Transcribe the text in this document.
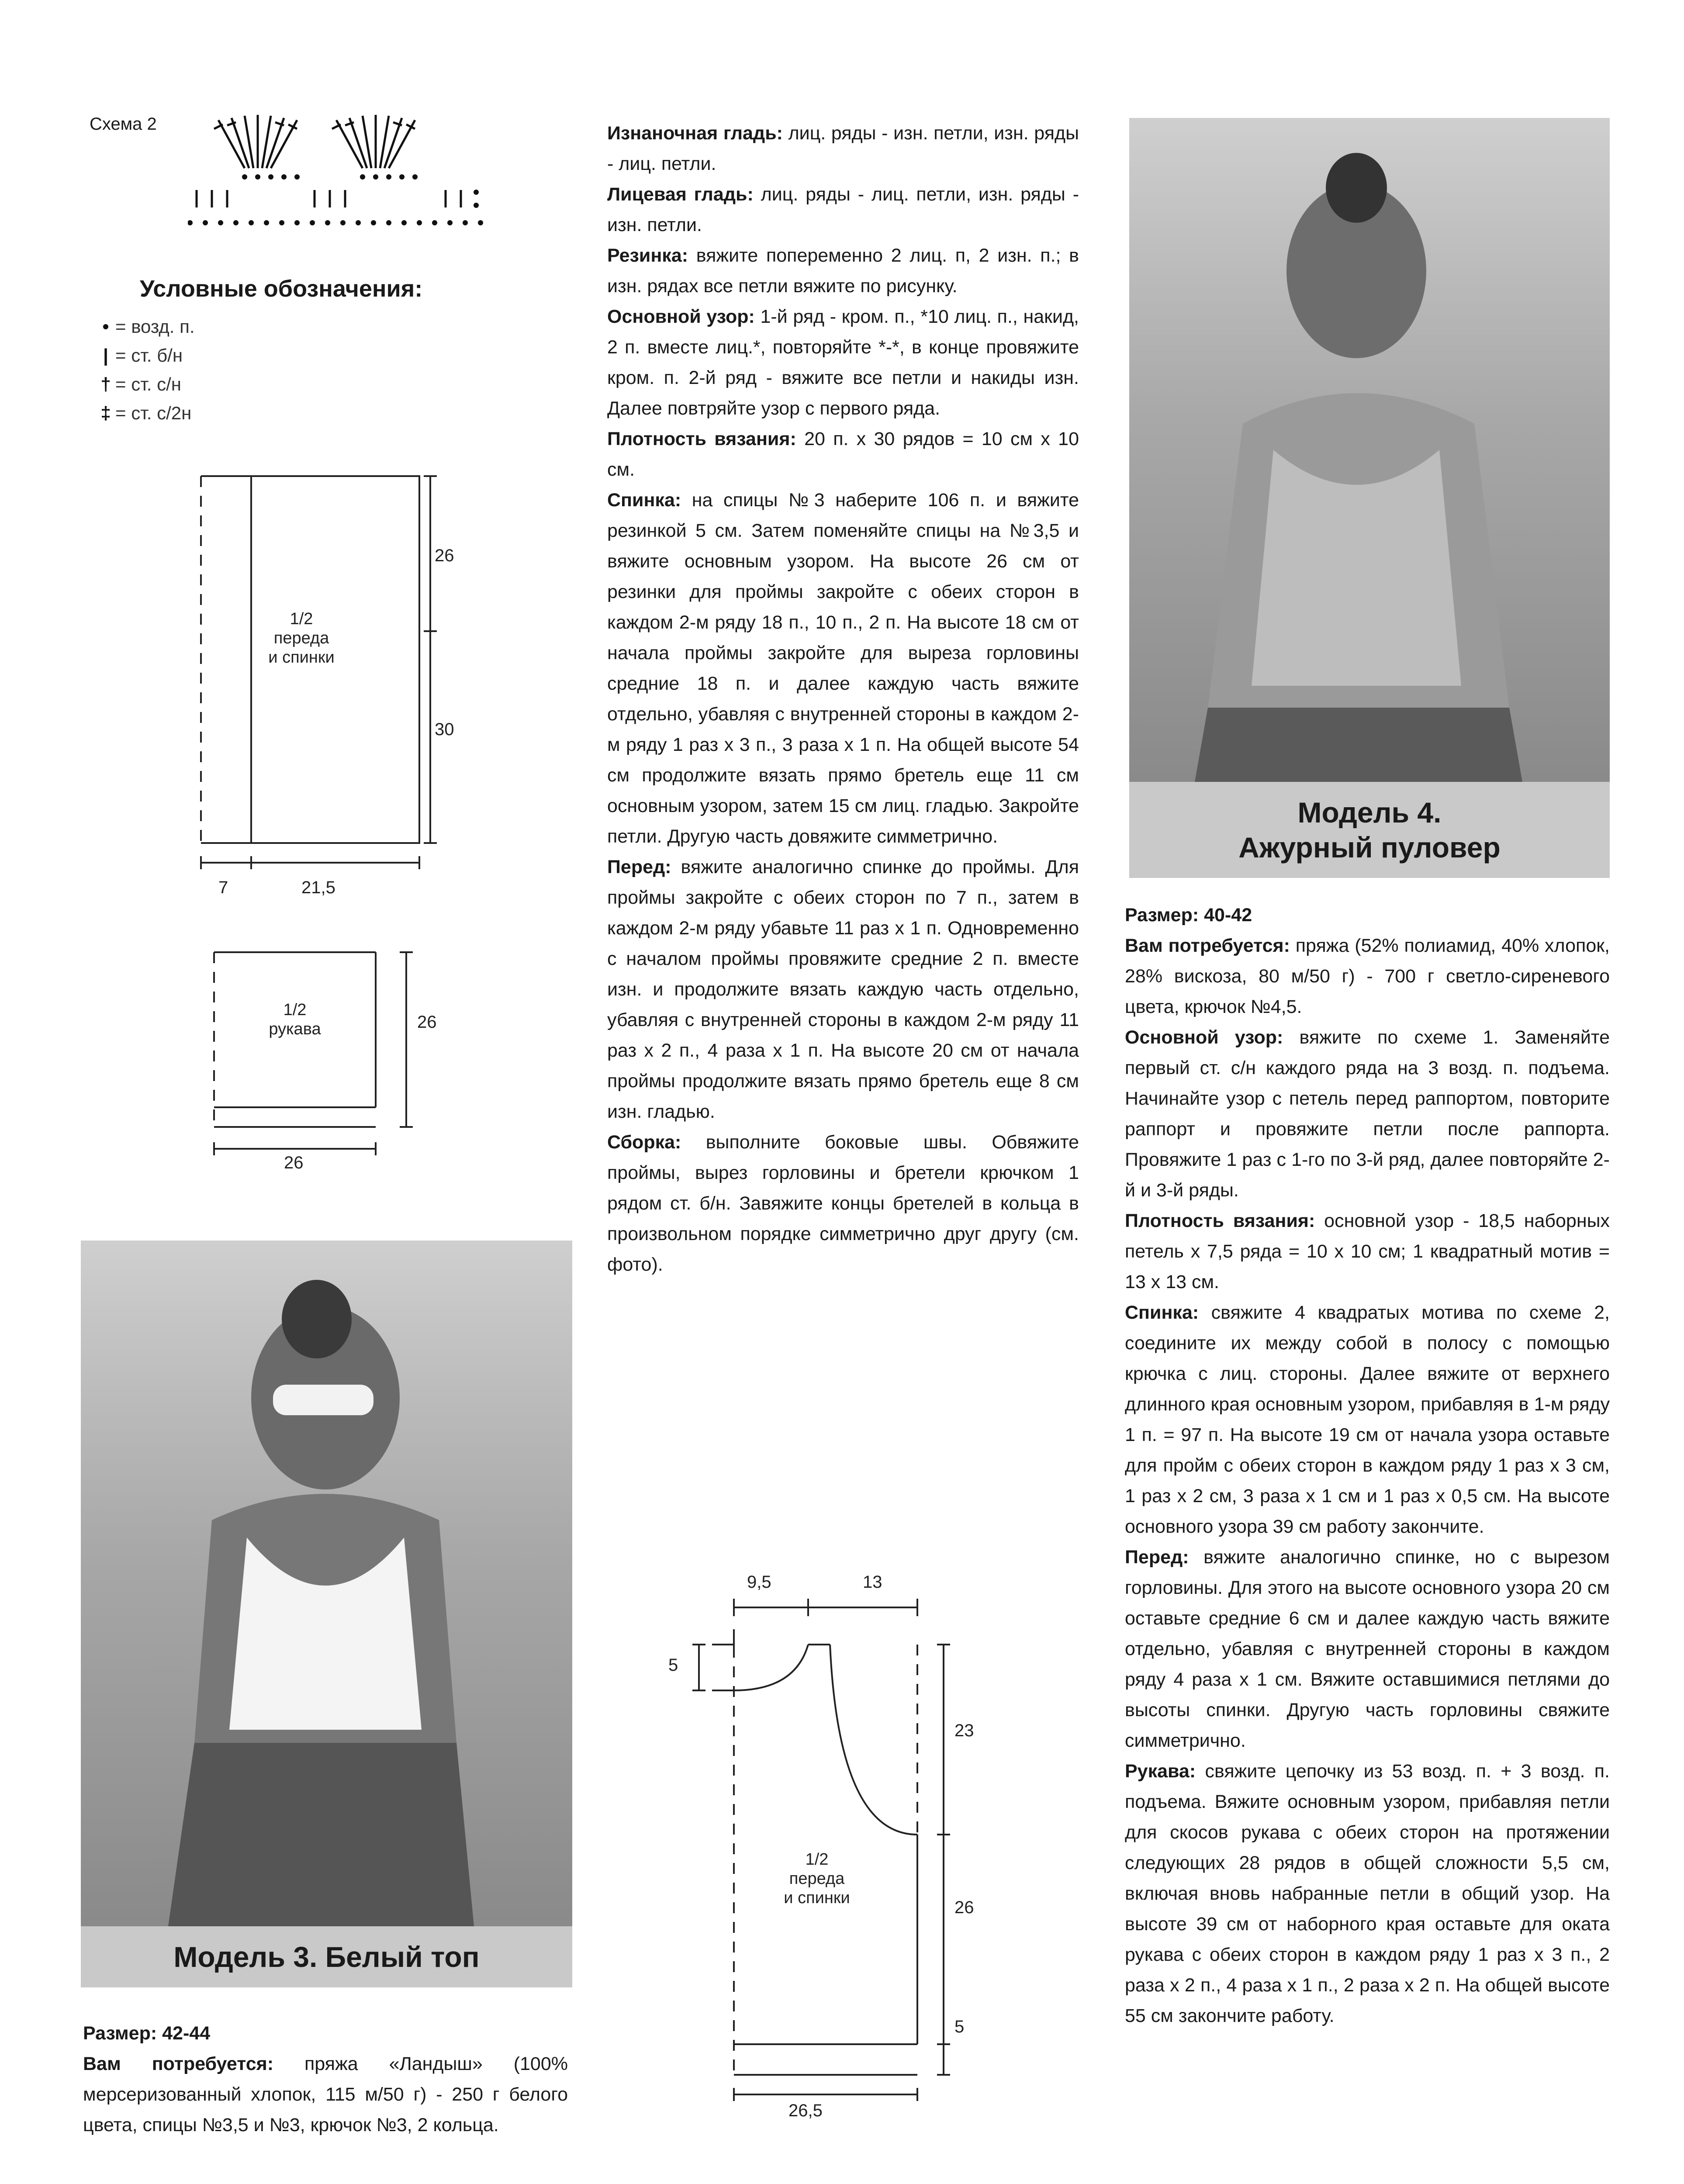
Схема 2
Условные обозначения:
• = возд. п.
| = ст. б/н
† = ст. с/н
‡ = ст. с/2н
26
30
7	21,5
1/2
переда
и спинки
26
26
1/2
рукава
Модель 3. Белый топ

Размер: 42-44

Вам потребуется: пряжа «Ландыш» (100% мерсеризованный хлопок, 115 м/50 г) - 250 г белого цвета, спицы №3,5 и №3, крючок №3, 2 кольца.

Изнаночная гладь: лиц. ряды - изн. петли, изн. ряды - лиц. петли.

Лицевая гладь: лиц. ряды - лиц. петли, изн. ряды - изн. петли.

Резинка: вяжите попеременно 2 лиц. п, 2 изн. п.; в изн. рядах все петли вяжите по рисунку.

Основной узор: 1-й ряд - кром. п., *10 лиц. п., накид, 2 п. вместе лиц.*, повторяйте *-*, в конце провяжите кром. п. 2-й ряд - вяжите все петли и накиды изн. Далее повтряйте узор с первого ряда.

Плотность вязания: 20 п. х 30 рядов = 10 см х 10 см.

Спинка: на спицы №3 наберите 106 п. и вяжите резинкой 5 см. Затем поменяйте спицы на №3,5 и вяжите основным узором. На высоте 26 см от резинки для проймы закройте с обеих сторон в каждом 2-м ряду 18 п., 10 п., 2 п. На высоте 18 см от начала проймы закройте для выреза горловины средние 18 п. и далее каждую часть вяжите отдельно, убавляя с внутренней стороны в каждом 2-м ряду 1 раз х 3 п., 3 раза х 1 п. На общей высоте 54 см продолжите вязать прямо бретель еще 11 см основным узором, затем 15 см лиц. гладью. Закройте петли. Другую часть довяжите симметрично.

Перед: вяжите аналогично спинке до проймы. Для проймы закройте с обеих сторон по 7 п., затем в каждом 2-м ряду убавьте 11 раз х 1 п. Одновременно с началом проймы провяжите средние 2 п. вместе изн. и продолжите вязать каждую часть отдельно, убавляя с внутренней стороны в каждом 2-м ряду 11 раз х 2 п., 4 раза х 1 п. На высоте 20 см от начала проймы продолжите вязать прямо бретель еще 8 см изн. гладью.

Сборка: выполните боковые швы. Обвяжите проймы, вырез горловины и бретели крючком 1 рядом ст. б/н. Завяжите концы бретелей в кольца в произвольном порядке симметрично друг другу (см. фото).

9,5	13
5
23
26
5
26,5
1/2
переда
и спинки
Модель 4.
Ажурный пуловер

Размер: 40-42

Вам потребуется: пряжа (52% полиамид, 40% хлопок, 28% вискоза, 80 м/50 г) - 700 г светло-сиреневого цвета, крючок №4,5.

Основной узор: вяжите по схеме 1. Заменяйте первый ст. с/н каждого ряда на 3 возд. п. подъема. Начинайте узор с петель перед раппортом, повторите раппорт и провяжите петли после раппорта. Провяжите 1 раз с 1-го по 3-й ряд, далее повторяйте 2-й и 3-й ряды.

Плотность вязания: основной узор - 18,5 наборных петель х 7,5 ряда = 10 х 10 см; 1 квадратный мотив = 13 х 13 см.

Спинка: свяжите 4 квадратых мотива по схеме 2, соедините их между собой в полосу с помощью крючка с лиц. стороны. Далее вяжите от верхнего длинного края основным узором, прибавляя в 1-м ряду 1 п. = 97 п. На высоте 19 см от начала узора оставьте для пройм с обеих сторон в каждом ряду 1 раз х 3 см, 1 раз х 2 см, 3 раза х 1 см и 1 раз х 0,5 см. На высоте основного узора 39 см работу закончите.

Перед: вяжите аналогично спинке, но с вырезом горловины. Для этого на высоте основного узора 20 см оставьте средние 6 см и далее каждую часть вяжите отдельно, убавляя с внутренней стороны в каждом ряду 4 раза х 1 см. Вяжите оставшимися петлями до высоты спинки. Другую часть горловины свяжите симметрично.

Рукава: свяжите цепочку из 53 возд. п. + 3 возд. п. подъема. Вяжите основным узором, прибавляя петли для скосов рукава с обеих сторон на протяжении следующих 28 рядов в общей сложности 5,5 см, включая вновь набранные петли в общий узор. На высоте 39 см от наборного края оставьте для оката рукава с обеих сторон в каждом ряду 1 раз х 3 п., 2 раза х 2 п., 4 раза х 1 п., 2 раза х 2 п. На общей высоте 55 см закончите работу.
